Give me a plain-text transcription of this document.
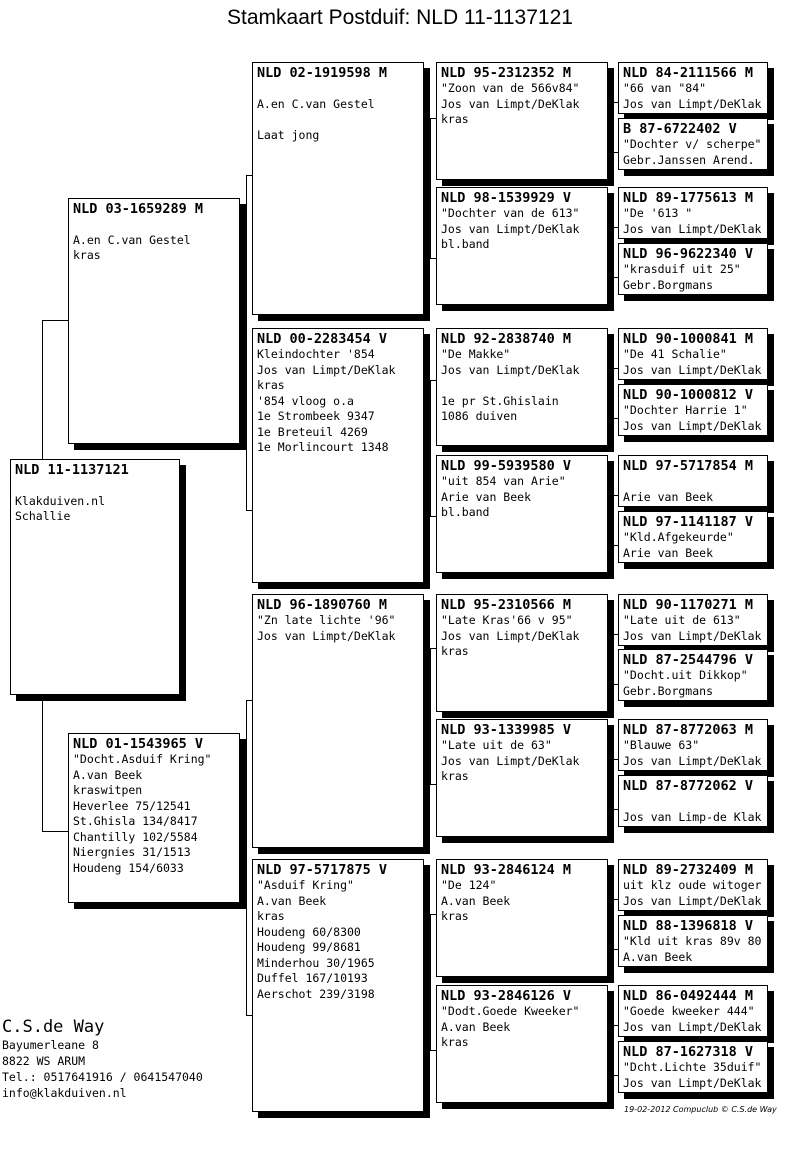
Stamkaart Postduif: NLD 11-1137121
NLD 11-1137121
Klakduiven.nl
Schallie
NLD 03-1659289 M
A.en C.van Gestel
kras
NLD 01-1543965 V
"Docht.Asduif Kring"
A.van Beek
kraswitpen
Heverlee 75/12541
St.Ghisla 134/8417
Chantilly 102/5584
Niergnies 31/1513
Houdeng 154/6033
NLD 02-1919598 M
A.en C.van Gestel
Laat jong
NLD 00-2283454 V
Kleindochter '854
Jos van Limpt/DeKlak
kras
'854 vloog o.a
1e Strombeek 9347
1e Breteuil 4269
1e Morlincourt 1348
NLD 96-1890760 M
"Zn late lichte '96"
Jos van Limpt/DeKlak
NLD 97-5717875 V
"Asduif Kring"
A.van Beek
kras
Houdeng 60/8300
Houdeng 99/8681
Minderhou 30/1965
Duffel 167/10193
Aerschot 239/3198
NLD 95-2312352 M
"Zoon van de 566v84"
Jos van Limpt/DeKlak
kras
NLD 98-1539929 V
"Dochter van de 613"
Jos van Limpt/DeKlak
bl.band
NLD 92-2838740 M
"De Makke"
Jos van Limpt/DeKlak
1e pr St.Ghislain
1086 duiven
NLD 99-5939580 V
"uit 854 van Arie"
Arie van Beek
bl.band
NLD 95-2310566 M
"Late Kras'66 v 95"
Jos van Limpt/DeKlak
kras
NLD 93-1339985 V
"Late uit de 63"
Jos van Limpt/DeKlak
kras
NLD 93-2846124 M
"De 124"
A.van Beek
kras
NLD 93-2846126 V
"Dodt.Goede Kweeker"
A.van Beek
kras
NLD 84-2111566 M
"66 van "84"
Jos van Limpt/DeKlak
B 87-6722402 V
"Dochter v/ scherpe"
Gebr.Janssen Arend.
NLD 89-1775613 M
"De '613 "
Jos van Limpt/DeKlak
NLD 96-9622340 V
"krasduif uit 25"
Gebr.Borgmans
NLD 90-1000841 M
"De 41 Schalie"
Jos van Limpt/DeKlak
NLD 90-1000812 V
"Dochter Harrie 1"
Jos van Limpt/DeKlak
NLD 97-5717854 M
Arie van Beek
NLD 97-1141187 V
"Kld.Afgekeurde"
Arie van Beek
NLD 90-1170271 M
"Late uit de 613"
Jos van Limpt/DeKlak
NLD 87-2544796 V
"Docht.uit Dikkop"
Gebr.Borgmans
NLD 87-8772063 M
"Blauwe 63"
Jos van Limpt/DeKlak
NLD 87-8772062 V
Jos van Limp-de Klak
NLD 89-2732409 M
uit klz oude witoger
Jos van Limpt/DeKlak
NLD 88-1396818 V
"Kld uit kras 89v 80
A.van Beek
NLD 86-0492444 M
"Goede kweeker 444"
Jos van Limpt/DeKlak
NLD 87-1627318 V
"Dcht.Lichte 35duif"
Jos van Limpt/DeKlak
C.S.de Way
Bayumerleane 8
8822 WS ARUM
Tel.: 0517641916 / 0641547040
info@klakduiven.nl
19-02-2012 Compuclub © C.S.de Way
